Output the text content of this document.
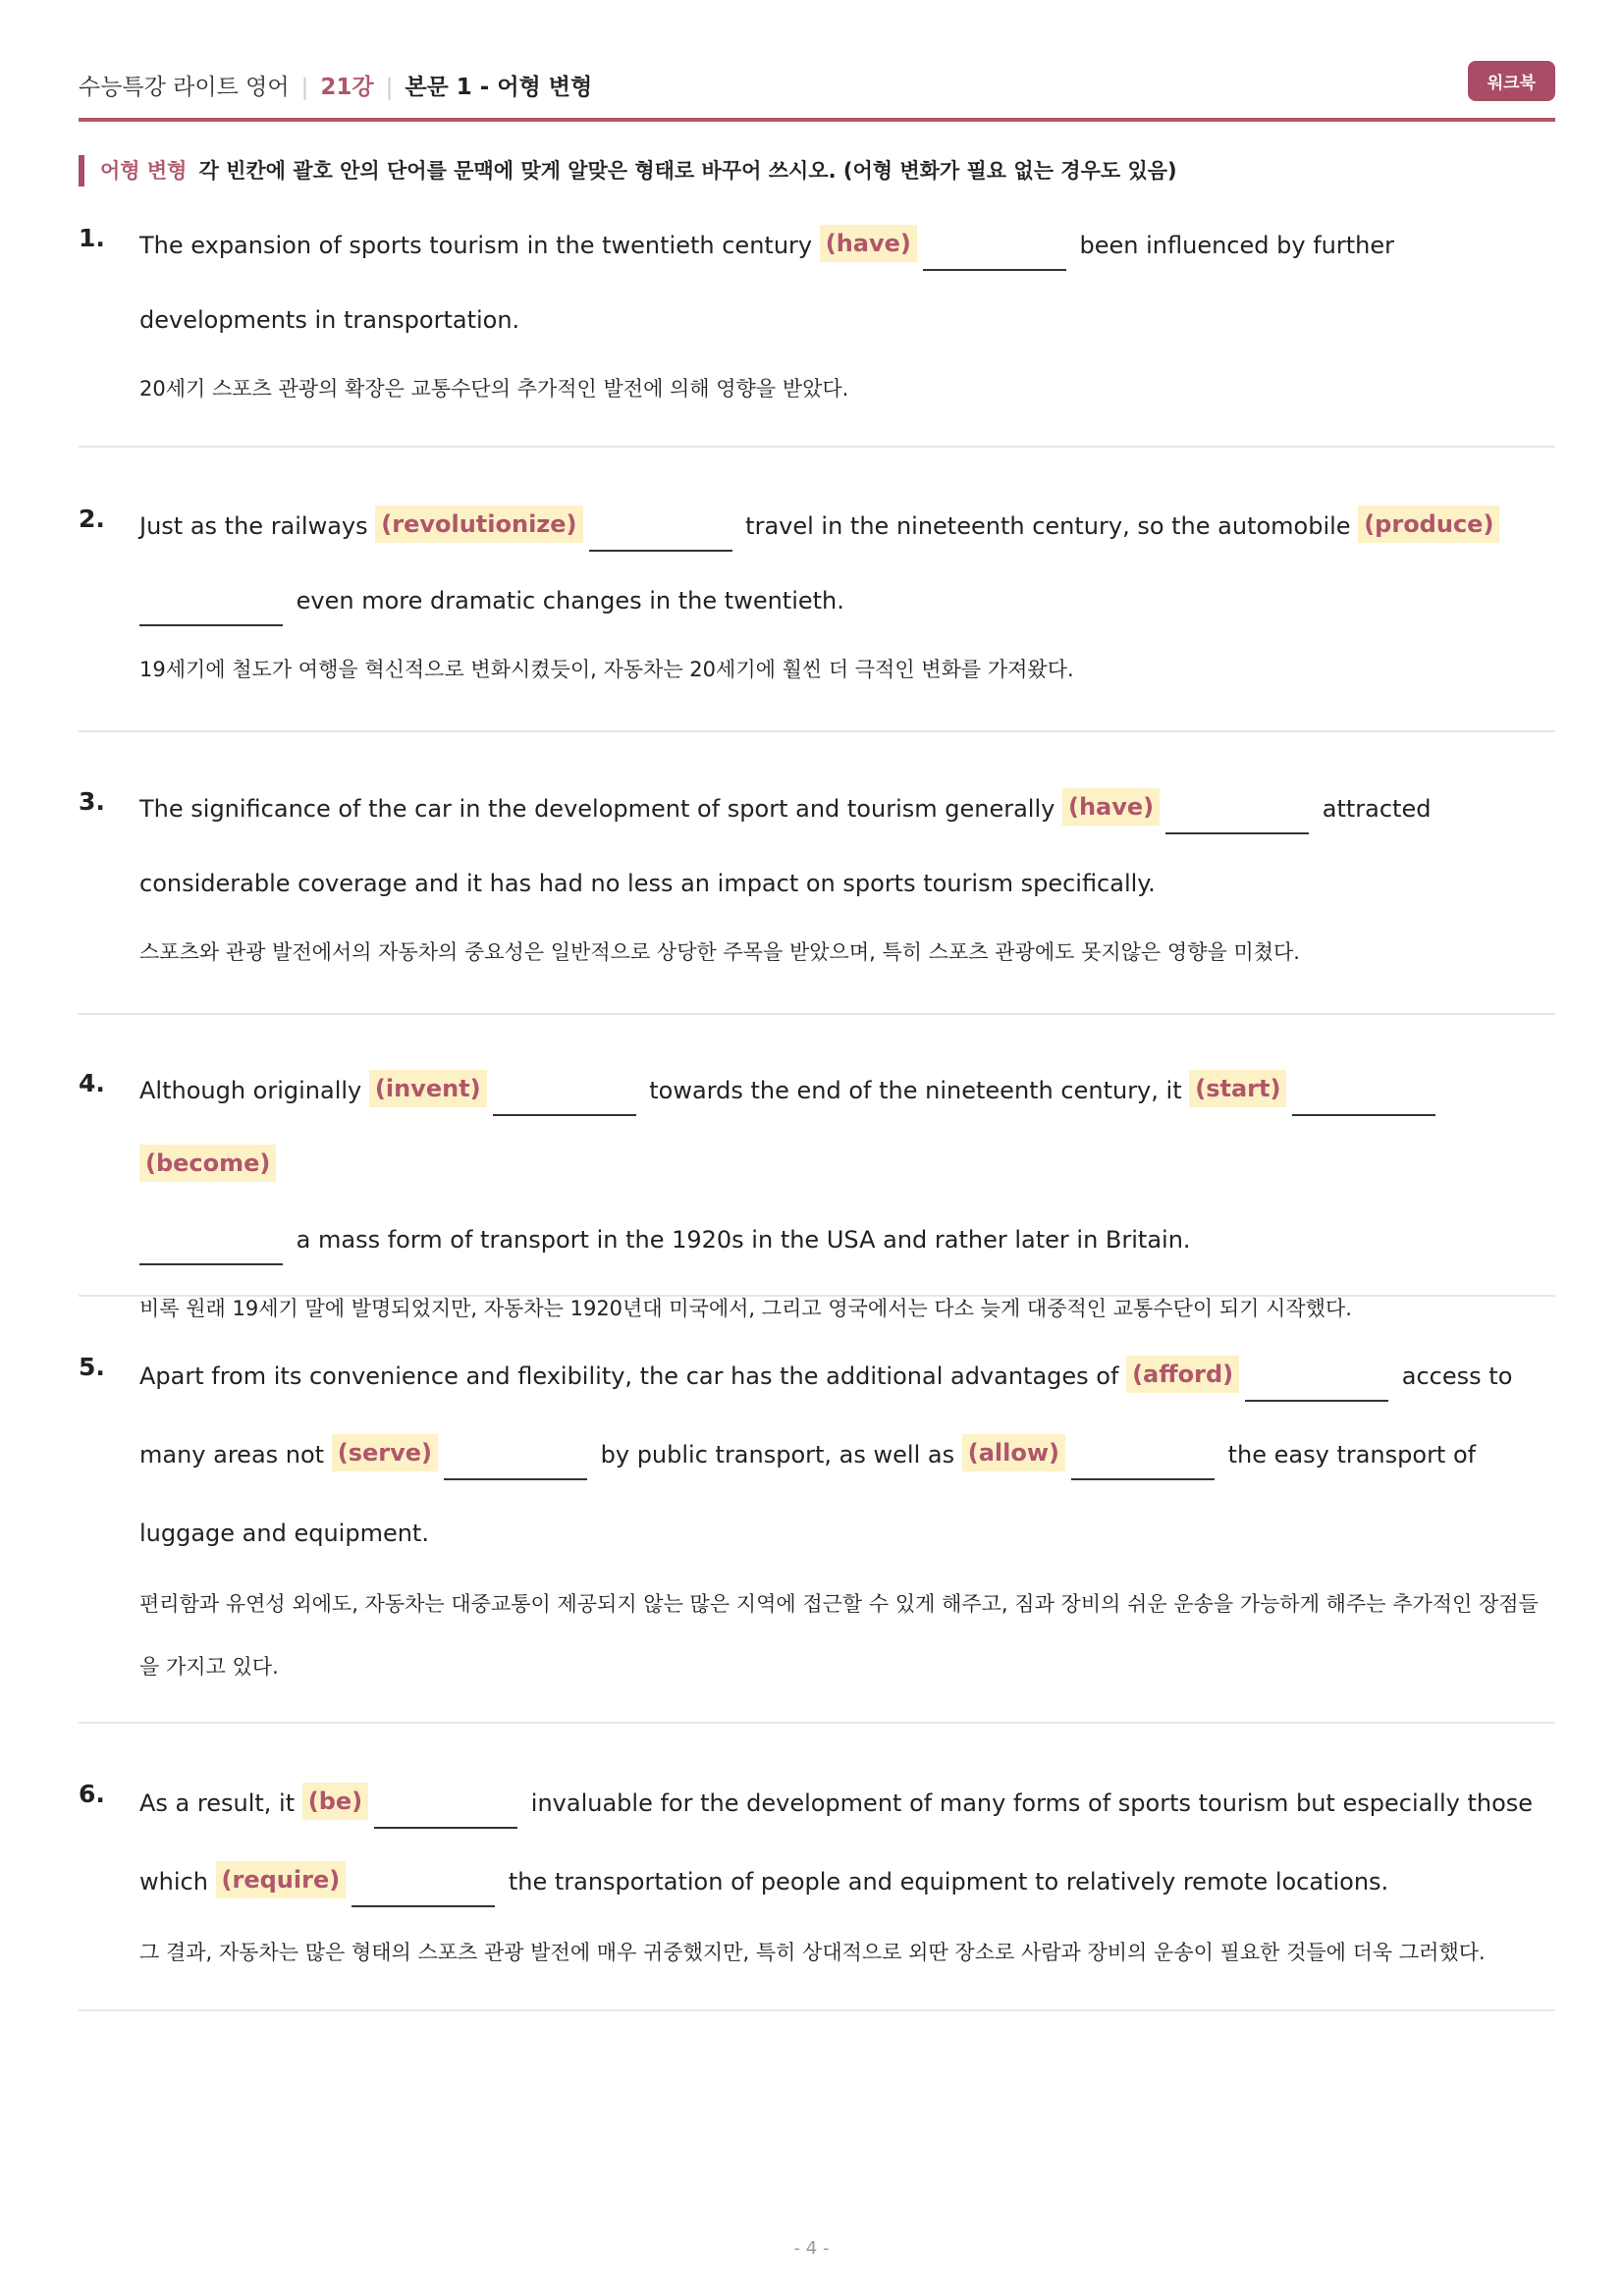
수능특강 라이트 영어 | 21강 | 본문 1 - 어형 변형	워크북
어형 변형 각 빈칸에 괄호 안의 단어를 문맥에 맞게 알맞은 형태로 바꾸어 쓰시오. (어형 변화가 필요 없는 경우도 있음)
1. The expansion of sports tourism in the twentieth century (have)	been influenced by further developments in transportation.
20세기 스포츠 관광의 확장은 교통수단의 추가적인 발전에 의해 영향을 받았다.
2. Just as the railways (revolutionize)	travel in the nineteenth century, so the automobile (produce)
even more dramatic changes in the twentieth.
19세기에 철도가 여행을 혁신적으로 변화시켰듯이, 자동차는 20세기에 훨씬 더 극적인 변화를 가져왔다.
3. The significance of the car in the development of sport and tourism generally (have)	attracted considerable coverage and it has had no less an impact on sports tourism specifically.
스포츠와 관광 발전에서의 자동차의 중요성은 일반적으로 상당한 주목을 받았으며, 특히 스포츠 관광에도 못지않은 영향을 미쳤다.
4. Although originally (invent)	towards the end of the nineteenth century, it (start) (become)
a mass form of transport in the 1920s in the USA and rather later in Britain.
비록 원래 19세기 말에 발명되었지만, 자동차는 1920년대 미국에서, 그리고 영국에서는 다소 늦게 대중적인 교통수단이 되기 시작했다.
5. Apart from its convenience and flexibility, the car has the additional advantages of (afford)	access to many areas not (serve)	by public transport, as well as (allow)	the easy transport of luggage and equipment.
편리함과 유연성 외에도, 자동차는 대중교통이 제공되지 않는 많은 지역에 접근할 수 있게 해주고, 짐과 장비의 쉬운 운송을 가능하게 해주는 추가적인 장점들을 가지고 있다.
6. As a result, it (be)	invaluable for the development of many forms of sports tourism but especially those which (require)	the transportation of people and equipment to relatively remote locations.
그 결과, 자동차는 많은 형태의 스포츠 관광 발전에 매우 귀중했지만, 특히 상대적으로 외딴 장소로 사람과 장비의 운송이 필요한 것들에 더욱 그러했다.
- 4 -
